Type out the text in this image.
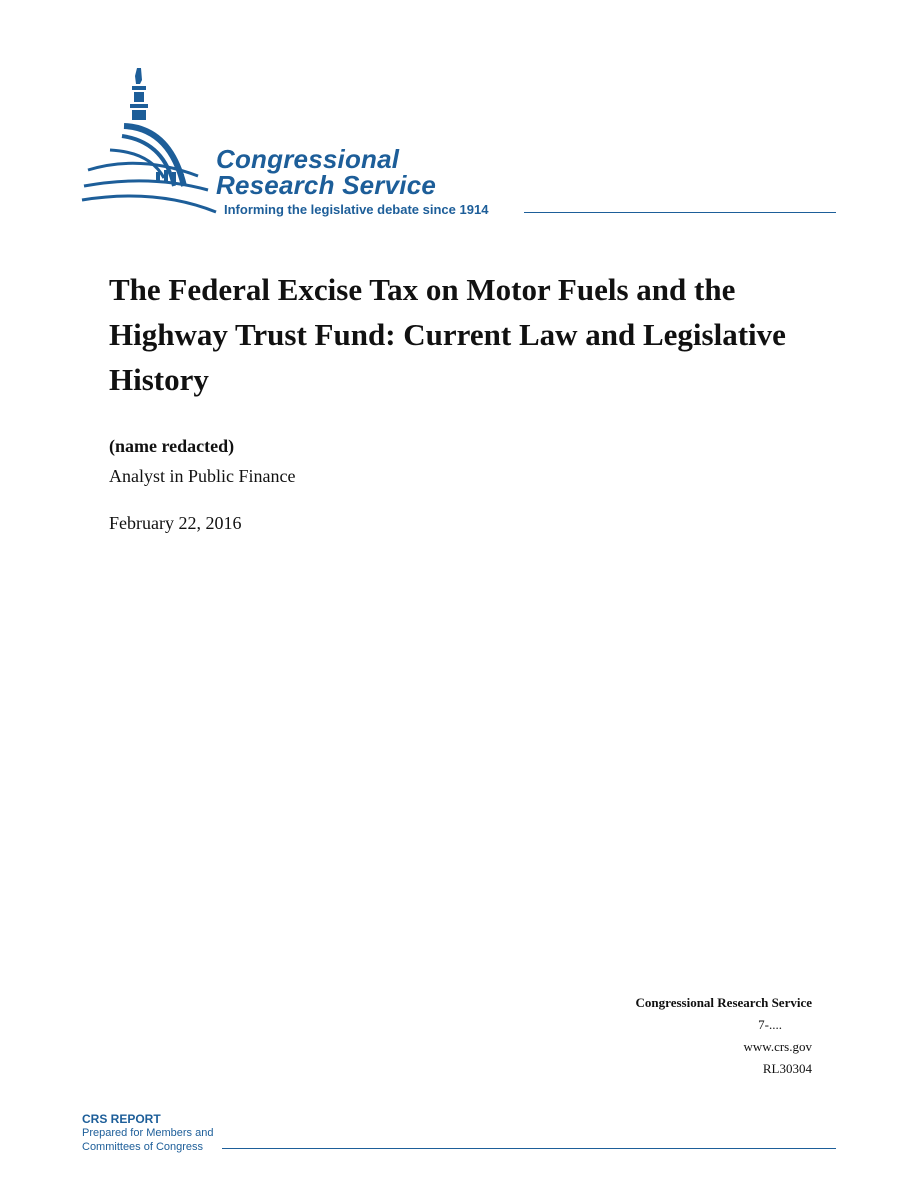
Congressional
Research Service
Informing the legislative debate since 1914
The Federal Excise Tax on Motor Fuels and the Highway Trust Fund: Current Law and Legislative History
(name redacted)
Analyst in Public Finance
February 22, 2016
Congressional Research Service
7-....
www.crs.gov
RL30304
CRS REPORT
Prepared for Members and
Committees of Congress
